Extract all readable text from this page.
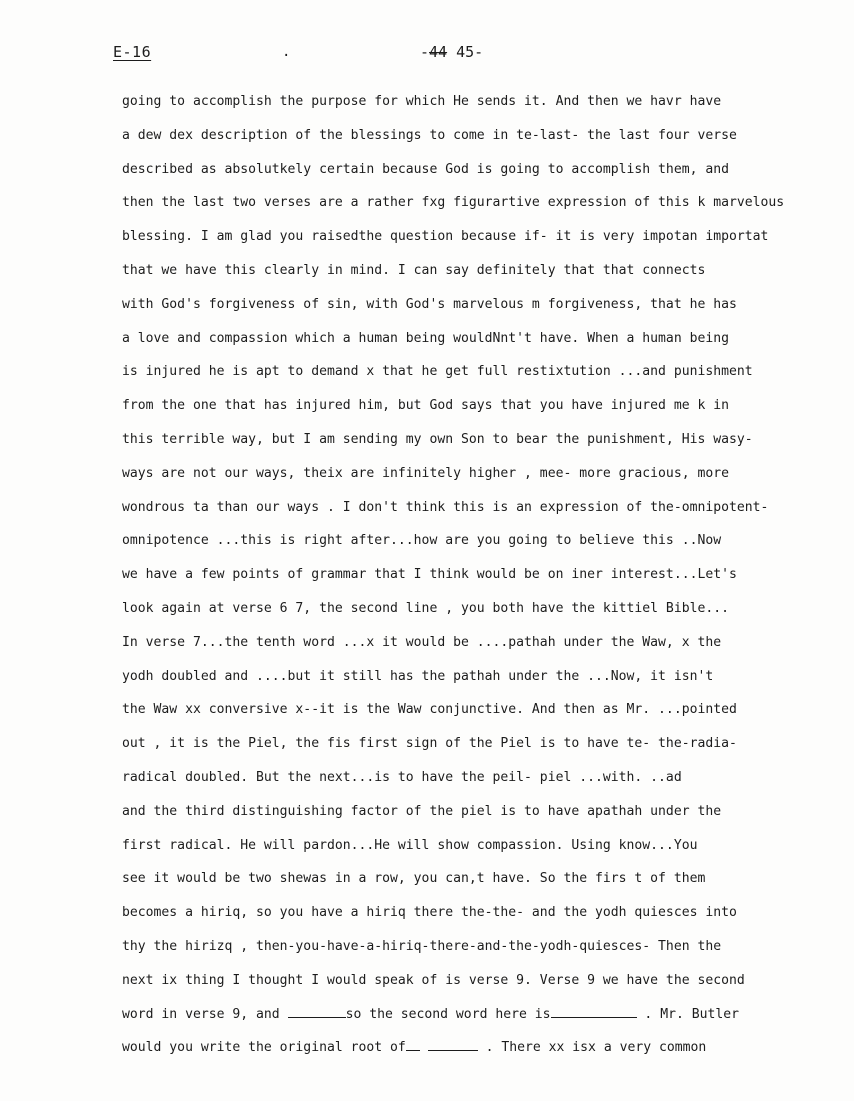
E-16	.	-44 45-
going to accomplish the purpose for which He sends it. And then we havr have
a dew dex description of the blessings to come in te-last- the last four verse
described as absolutkely certain because God is going to accomplish them, and
then the last two verses are a rather fxg figurartive expression of this k marvelous
blessing. I am glad you raisedthe question because if- it is very impotan importat
that we have this clearly in mind. I can say definitely that that connects
with God's forgiveness of sin, with God's marvelous m forgiveness, that he has
a love and compassion which a human being wouldNnt't have. When a human being
is injured he is apt to demand x that he get full restixtution ...and punishment
from the one that has injured him, but God says that you have injured me k in
this terrible way, but I am sending my own Son to bear the punishment, His wasy-
ways are not our ways, theix are infinitely higher , mee- more gracious, more
wondrous ta than our ways . I don't think this is an expression of the-omnipotent-
omnipotence ...this is right after...how are you going to believe this ..Now
we have a few points of grammar that I think would be on iner interest...Let's
look again at verse 6 7, the second line , you both have the kittiel Bible...
In verse 7...the tenth word ...x it would be ....pathah under the Waw, x the
yodh doubled and ....but it still has the pathah under the ...Now, it isn't
the Waw xx conversive x--it is the Waw conjunctive. And then as Mr. ...pointed
out , it is the Piel, the fis first sign of the Piel is to have te- the-radia-
radical doubled. But the next...is to have the peil- piel ...with. ..ad
and the third distinguishing factor of the piel is to have apathah under the
first radical. He will pardon...He will show compassion. Using know...You
see it would be two shewas in a row, you can,t have. So the firs t of them
becomes a hiriq, so you have a hiriq there the-the- and the yodh quiesces into
thy the hirizq , then-you-have-a-hiriq-there-and-the-yodh-quiesces- Then the
next ix thing I thought I would speak of is verse 9. Verse 9 we have the second
word in verse 9, and	so the second word here is	. Mr. Butler
would you write the original root of	. There xx isx a very common
